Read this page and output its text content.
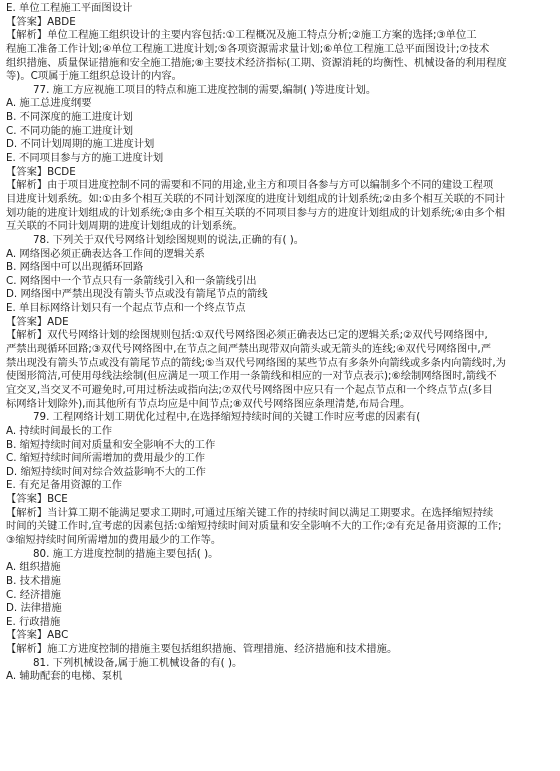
E. 单位工程施工平面图设计
【答案】ABDE
【解析】单位工程施工组织设计的主要内容包括:①工程概况及施工特点分析;②施工方案的选择;③单位工
程施工准备工作计划;④单位工程施工进度计划;⑤各项资源需求量计划;⑥单位工程施工总平面图设计;⑦技术
组织措施、质量保证措施和安全施工措施;⑧主要技术经济指标(工期、资源消耗的均衡性、机械设备的利用程度
等)。C项属于施工组织总设计的内容。
77. 施工方应视施工项目的特点和施工进度控制的需要,编制( )等进度计划。
A. 施工总进度纲要
B. 不同深度的施工进度计划
C. 不同功能的施工进度计划
D. 不同计划周期的施工进度计划
E. 不同项目参与方的施工进度计划
【答案】BCDE
【解析】由于项目进度控制不同的需要和不同的用途,业主方和项目各参与方可以编制多个不同的建设工程项
目进度计划系统。如:①由多个相互关联的不同计划深度的进度计划组成的计划系统;②由多个相互关联的不同计
划功能的进度计划组成的计划系统;③由多个相互关联的不同项目参与方的进度计划组成的计划系统;④由多个相
互关联的不同计划周期的进度计划组成的计划系统。
78. 下列关于双代号网络计划绘图规则的说法,正确的有( )。
A. 网络图必须正确表达各工作间的逻辑关系
B. 网络图中可以出现循环回路
C. 网络图中一个节点只有一条箭线引入和一条箭线引出
D. 网络图中严禁出现没有箭头节点或没有箭尾节点的箭线
E. 单目标网络计划只有一个起点节点和一个终点节点
【答案】ADE
【解析】双代号网络计划的绘图规则包括:①双代号网络图必须正确表达已定的逻辑关系;②双代号网络图中,
严禁出现循环回路;③双代号网络图中,在节点之间严禁出现带双向箭头或无箭头的连线;④双代号网络图中,严
禁出现没有箭头节点或没有箭尾节点的箭线;⑤当双代号网络图的某些节点有多条外向箭线或多条内向箭线时,为
使图形简洁,可使用母线法绘制(但应满足一项工作用一条箭线和相应的一对节点表示);⑥绘制网络图时,箭线不
宜交叉,当交叉不可避免时,可用过桥法或指向法;⑦双代号网络图中应只有一个起点节点和一个终点节点(多目
标网络计划除外),而其他所有节点均应是中间节点;⑧双代号网络图应条理清楚,布局合理。
79. 工程网络计划工期优化过程中,在选择缩短持续时间的关键工作时应考虑的因素有(
A. 持续时间最长的工作
B. 缩短持续时间对质量和安全影响不大的工作
C. 缩短持续时间所需增加的费用最少的工作
D. 缩短持续时间对综合效益影响不大的工作
E. 有充足备用资源的工作
【答案】BCE
【解析】当计算工期不能满足要求工期时,可通过压缩关键工作的持续时间以满足工期要求。在选择缩短持续
时间的关键工作时,宜考虑的因素包括:①缩短持续时间对质量和安全影响不大的工作;②有充足备用资源的工作;
③缩短持续时间所需增加的费用最少的工作等。
80. 施工方进度控制的措施主要包括( )。
A. 组织措施
B. 技术措施
C. 经济措施
D. 法律措施
E. 行政措施
【答案】ABC
【解析】施工方进度控制的措施主要包括组织措施、管理措施、经济措施和技术措施。
81. 下列机械设备,属于施工机械设备的有( )。
A. 辅助配套的电梯、泵机
